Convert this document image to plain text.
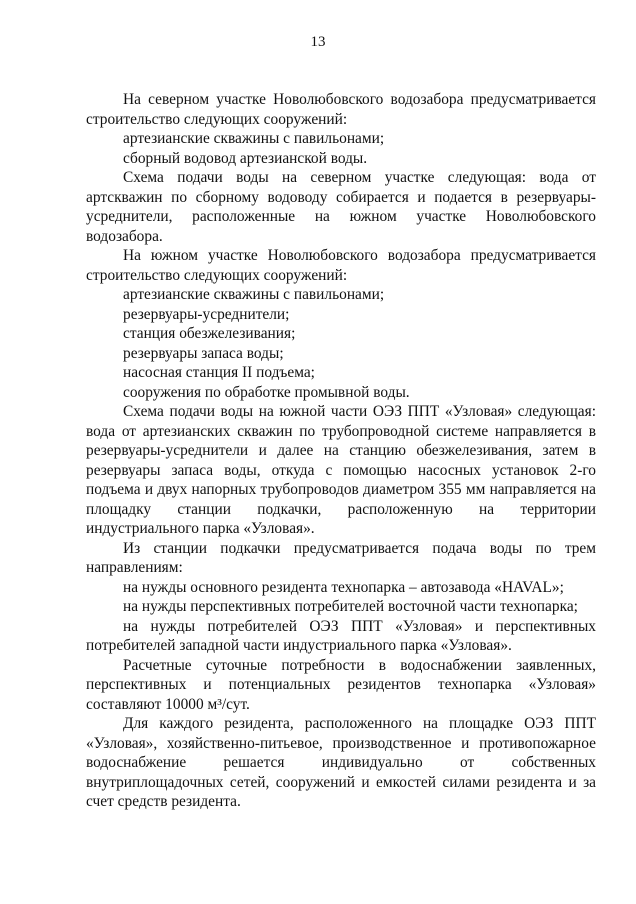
13

На северном участке Новолюбовского водозабора предусматривается строительство следующих сооружений:

артезианские скважины с павильонами;

сборный водовод артезианской воды.

Схема подачи воды на северном участке следующая: вода от артскважин по сборному водоводу собирается и подается в резервуары-усреднители, расположенные на южном участке Новолюбовского водозабора.

На южном участке Новолюбовского водозабора предусматривается строительство следующих сооружений:

артезианские скважины с павильонами;

резервуары-усреднители;

станция обезжелезивания;

резервуары запаса воды;

насосная станция II подъема;

сооружения по обработке промывной воды.

Схема подачи воды на южной части ОЭЗ ППТ «Узловая» следующая: вода от артезианских скважин по трубопроводной системе направляется в резервуары-усреднители и далее на станцию обезжелезивания, затем в резервуары запаса воды, откуда с помощью насосных установок 2-го подъема и двух напорных трубопроводов диаметром 355 мм направляется на площадку станции подкачки, расположенную на территории индустриального парка «Узловая».

Из станции подкачки предусматривается подача воды по трем направлениям:

на нужды основного резидента технопарка – автозавода «HAVAL»;

на нужды перспективных потребителей восточной части технопарка;

на нужды потребителей ОЭЗ ППТ «Узловая» и перспективных потребителей западной части индустриального парка «Узловая».

Расчетные суточные потребности в водоснабжении заявленных, перспективных и потенциальных резидентов технопарка «Узловая» составляют 10000 м³/сут.

Для каждого резидента, расположенного на площадке ОЭЗ ППТ «Узловая», хозяйственно-питьевое, производственное и противопожарное водоснабжение решается индивидуально от собственных внутриплощадочных сетей, сооружений и емкостей силами резидента и за счет средств резидента.
